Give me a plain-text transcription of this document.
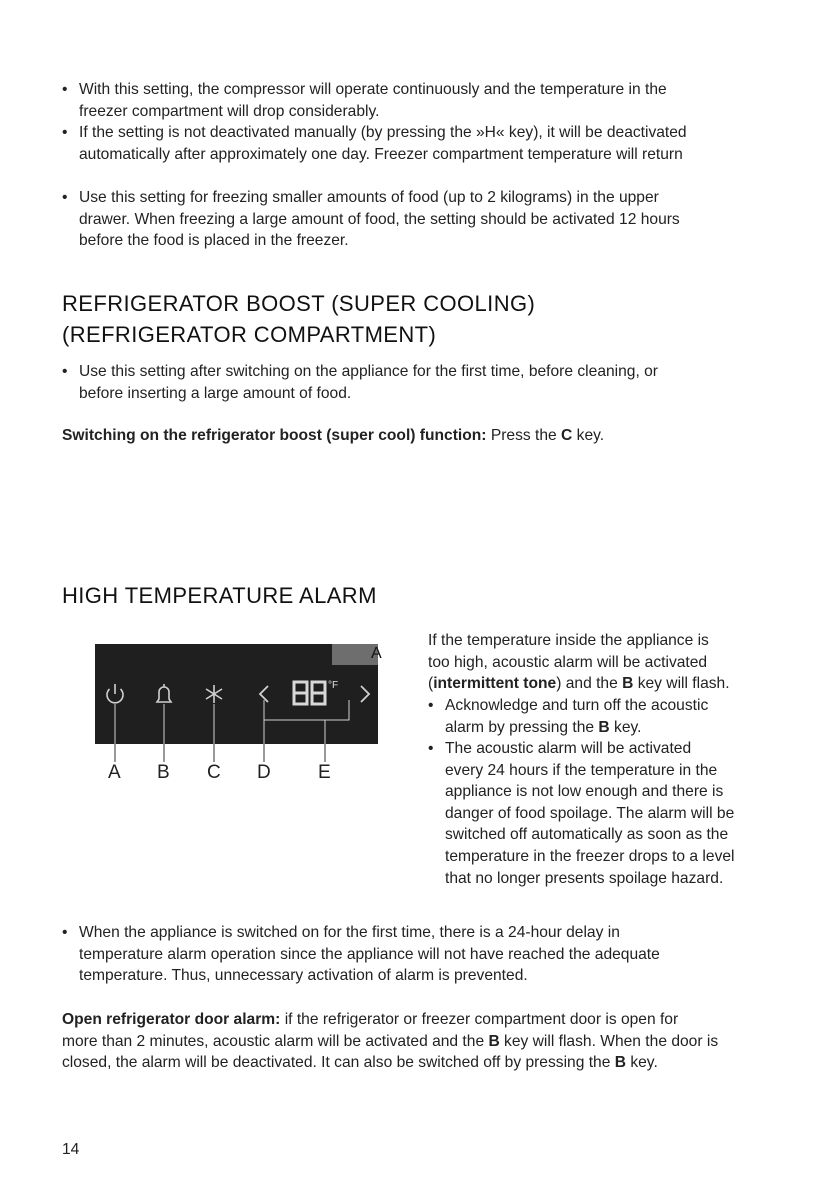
• With this setting, the compressor will operate continuously and the temperature in the
freezer compartment will drop considerably.
• If the setting is not deactivated manually (by pressing the »H« key), it will be deactivated
automatically after approximately one day. Freezer compartment temperature will return
• Use this setting for freezing smaller amounts of food (up to 2 kilograms) in the upper
drawer. When freezing a large amount of food, the setting should be activated 12 hours
before the food is placed in the freezer.
REFRIGERATOR BOOST (SUPER COOLING)
(REFRIGERATOR COMPARTMENT)
• Use this setting after switching on the appliance for the first time, before cleaning, or
before inserting a large amount of food.
Switching on the refrigerator boost (super cool) function: Press the C key.
HIGH TEMPERATURE ALARM
A
°F
A B C D E
If the temperature inside the appliance is
too high, acoustic alarm will be activated
(intermittent tone) and the B key will flash.
• Acknowledge and turn off the acoustic
alarm by pressing the B key.
• The acoustic alarm will be activated
every 24 hours if the temperature in the
appliance is not low enough and there is
danger of food spoilage. The alarm will be
switched off automatically as soon as the
temperature in the freezer drops to a level
that no longer presents spoilage hazard.
• When the appliance is switched on for the first time, there is a 24-hour delay in
temperature alarm operation since the appliance will not have reached the adequate
temperature. Thus, unnecessary activation of alarm is prevented.
Open refrigerator door alarm: if the refrigerator or freezer compartment door is open for
more than 2 minutes, acoustic alarm will be activated and the B key will flash. When the door is
closed, the alarm will be deactivated. It can also be switched off by pressing the B key.
14
